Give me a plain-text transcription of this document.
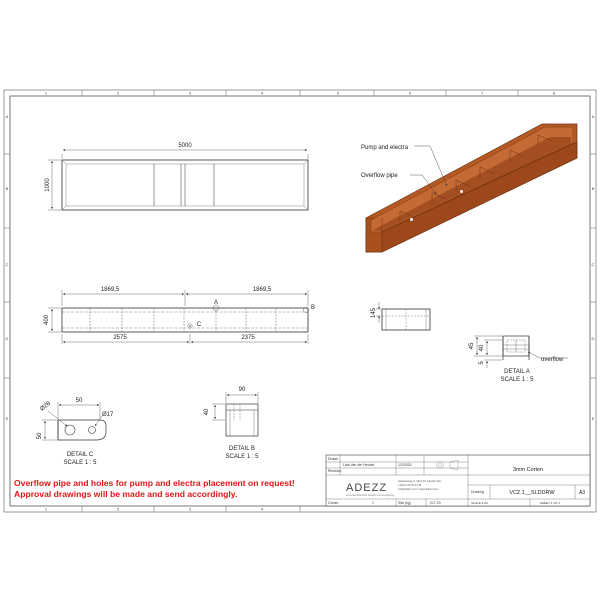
1	2	3	4	5	6	7	8
1	2	3	4
A
B
C
D
E
A
B
C
D
E
5000
1000
Pump and electra
Overflow pipe
1869,5	1869,5
400
2575	2375
A
B
C
145
45 40
5	overflow
DETAIL A
SCALE 1 : 5
90
40
DETAIL B
SCALE 1 : 5
50
50
Ø28
Ø17
DETAIL C
SCALE 1 : 5
Drawn
Lisa Van der Heuvel	1/2/2020
Revision
ADEZZ
de eerste duurzame wereld in de vormgeving
Industrieweg 4, 4421 AC Kapelle (NL)
+31(0) 113 44 41 40
info@adezz.com / www.adezz.com
3mm Corten
Drawing	VC2.1__SLDDRW	A3
Corten	1	Size (kg)	217,29	SCALE 1:30	SHEET 1 OF 1
Overflow pipe and holes for pump and electra placement on request!
Approval drawings will be made and send accordingly.
